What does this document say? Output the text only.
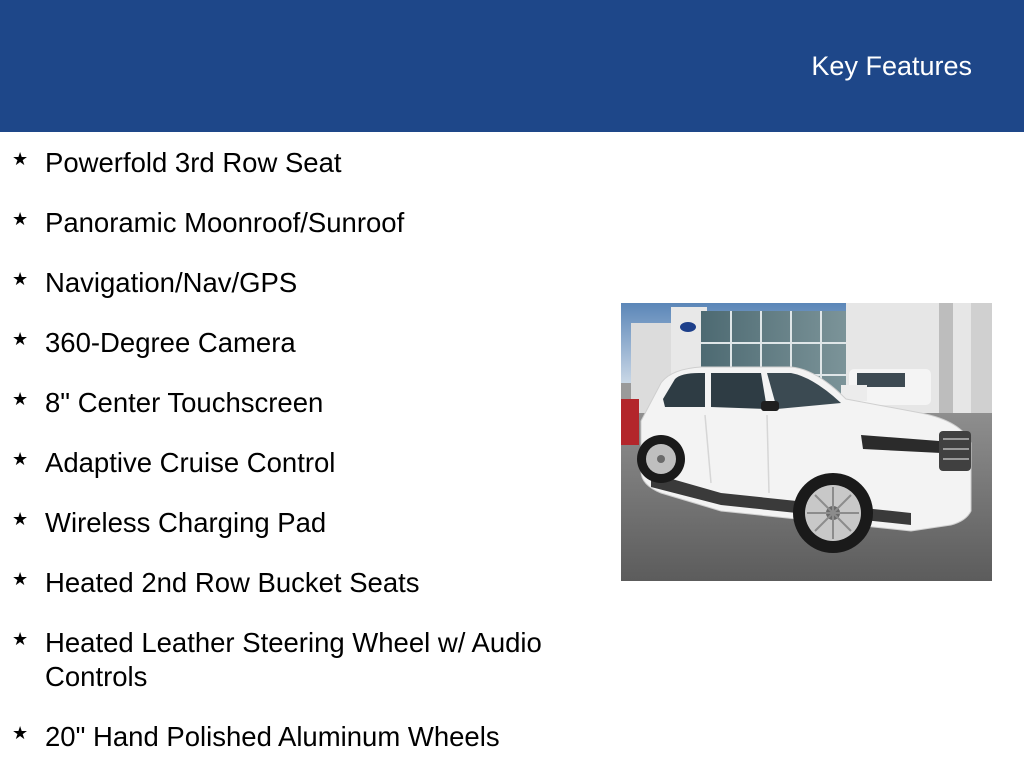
Key Features
★ Powerfold 3rd Row Seat
★ Panoramic Moonroof/Sunroof
★ Navigation/Nav/GPS
★ 360-Degree Camera
★ 8" Center Touchscreen
★ Adaptive Cruise Control
★ Wireless Charging Pad
★ Heated 2nd Row Bucket Seats
★ Heated Leather Steering Wheel w/ Audio Controls
★ 20" Hand Polished Aluminum Wheels
